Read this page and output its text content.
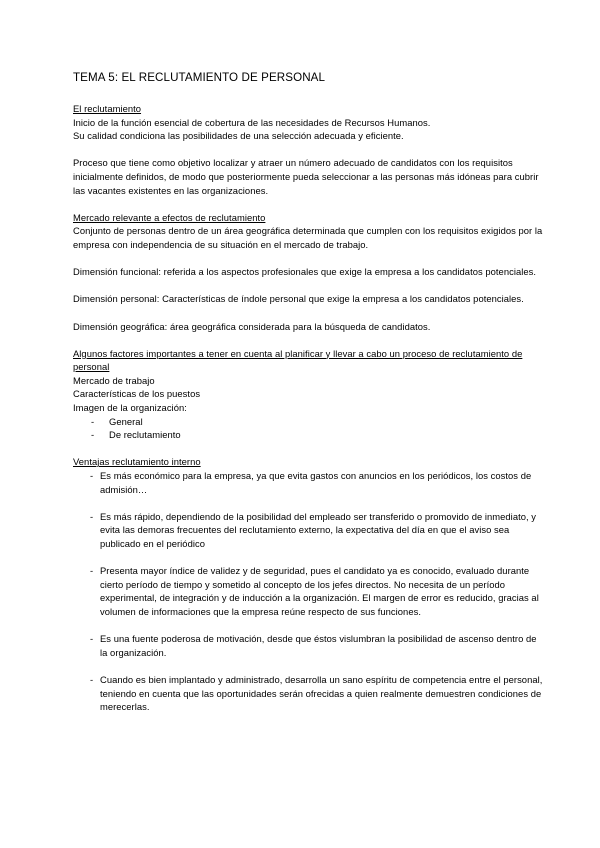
TEMA 5: EL RECLUTAMIENTO DE PERSONAL

El reclutamiento

Inicio de la función esencial de cobertura de las necesidades de Recursos Humanos.

Su calidad condiciona las posibilidades de una selección adecuada y eficiente.

Proceso que tiene como objetivo localizar y atraer un número adecuado de candidatos con los requisitos inicialmente definidos, de modo que posteriormente pueda seleccionar a las personas más idóneas para cubrir las vacantes existentes en las organizaciones.

Mercado relevante a efectos de reclutamiento

Conjunto de personas dentro de un área geográfica determinada que cumplen con los requisitos exigidos por la empresa con independencia de su situación en el mercado de trabajo.

Dimensión funcional: referida a los aspectos profesionales que exige la empresa a los candidatos potenciales.

Dimensión personal: Características de índole personal que exige la empresa a los candidatos potenciales.

Dimensión geográfica: área geográfica considerada para la búsqueda de candidatos.

Algunos factores importantes a tener en cuenta al planificar y llevar a cabo un proceso de reclutamiento de personal

Mercado de trabajo

Características de los puestos

Imagen de la organización:

- General
- De reclutamiento

Ventajas reclutamiento interno

- Es más económico para la empresa, ya que evita gastos con anuncios en los periódicos, los costos de admisión…
- Es más rápido, dependiendo de la posibilidad del empleado ser transferido o promovido de inmediato, y evita las demoras frecuentes del reclutamiento externo, la expectativa del día en que el aviso sea publicado en el periódico
- Presenta mayor índice de validez y de seguridad, pues el candidato ya es conocido, evaluado durante cierto período de tiempo y sometido al concepto de los jefes directos. No necesita de un período experimental, de integración y de inducción a la organización. El margen de error es reducido, gracias al volumen de informaciones que la empresa reúne respecto de sus funciones.
- Es una fuente poderosa de motivación, desde que éstos vislumbran la posibilidad de ascenso dentro de la organización.
- Cuando es bien implantado y administrado, desarrolla un sano espíritu de competencia entre el personal, teniendo en cuenta que las oportunidades serán ofrecidas a quien realmente demuestren condiciones de merecerlas.
